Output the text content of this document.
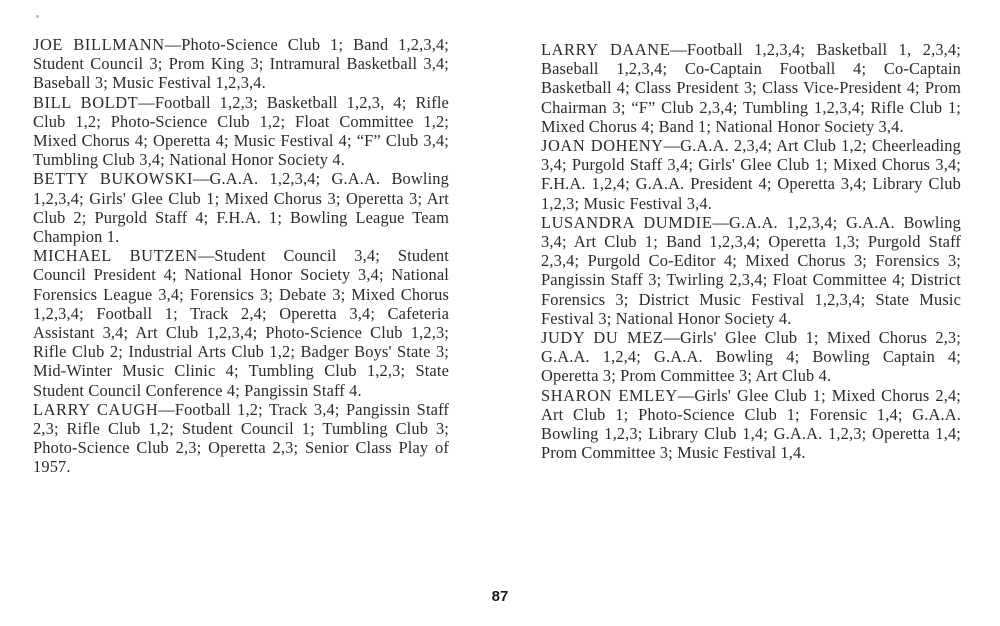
JOE BILLMANN—Photo-Science Club 1; Band 1,2,3,4; Student Council 3; Prom King 3; Intramural Basketball 3,4; Baseball 3; Music Festival 1,2,3,4.

BILL BOLDT—Football 1,2,3; Basketball 1,2,3, 4; Rifle Club 1,2; Photo-Science Club 1,2; Float Committee 1,2; Mixed Chorus 4; Operetta 4; Music Festival 4; “F” Club 3,4; Tumbling Club 3,4; National Honor Society 4.

BETTY BUKOWSKI—G.A.A. 1,2,3,4; G.A.A. Bowling 1,2,3,4; Girls' Glee Club 1; Mixed Chorus 3; Operetta 3; Art Club 2; Purgold Staff 4; F.H.A. 1; Bowling League Team Champion 1.

MICHAEL BUTZEN—Student Council 3,4; Student Council President 4; National Honor Society 3,4; National Forensics League 3,4; Forensics 3; Debate 3; Mixed Chorus 1,2,3,4; Football 1; Track 2,4; Operetta 3,4; Cafeteria Assistant 3,4; Art Club 1,2,3,4; Photo-Science Club 1,2,3; Rifle Club 2; Industrial Arts Club 1,2; Badger Boys' State 3; Mid-Winter Music Clinic 4; Tumbling Club 1,2,3; State Student Council Conference 4; Pangissin Staff 4.

LARRY CAUGH—Football 1,2; Track 3,4; Pangissin Staff 2,3; Rifle Club 1,2; Student Council 1; Tumbling Club 3; Photo-Science Club 2,3; Operetta 2,3; Senior Class Play of 1957.

LARRY DAANE—Football 1,2,3,4; Basketball 1, 2,3,4; Baseball 1,2,3,4; Co-Captain Football 4; Co-Captain Basketball 4; Class President 3; Class Vice-President 4; Prom Chairman 3; “F” Club 2,3,4; Tumbling 1,2,3,4; Rifle Club 1; Mixed Chorus 4; Band 1; National Honor Society 3,4.

JOAN DOHENY—G.A.A. 2,3,4; Art Club 1,2; Cheerleading 3,4; Purgold Staff 3,4; Girls' Glee Club 1; Mixed Chorus 3,4; F.H.A. 1,2,4; G.A.A. President 4; Operetta 3,4; Library Club 1,2,3; Music Festival 3,4.

LUSANDRA DUMDIE—G.A.A. 1,2,3,4; G.A.A. Bowling 3,4; Art Club 1; Band 1,2,3,4; Operetta 1,3; Purgold Staff 2,3,4; Purgold Co-Editor 4; Mixed Chorus 3; Forensics 3; Pangissin Staff 3; Twirling 2,3,4; Float Committee 4; District Forensics 3; District Music Festival 1,2,3,4; State Music Festival 3; National Honor Society 4.

JUDY DU MEZ—Girls' Glee Club 1; Mixed Chorus 2,3; G.A.A. 1,2,4; G.A.A. Bowling 4; Bowling Captain 4; Operetta 3; Prom Committee 3; Art Club 4.

SHARON EMLEY—Girls' Glee Club 1; Mixed Chorus 2,4; Art Club 1; Photo-Science Club 1; Forensic 1,4; G.A.A. Bowling 1,2,3; Library Club 1,4; G.A.A. 1,2,3; Operetta 1,4; Prom Committee 3; Music Festival 1,4.

87
